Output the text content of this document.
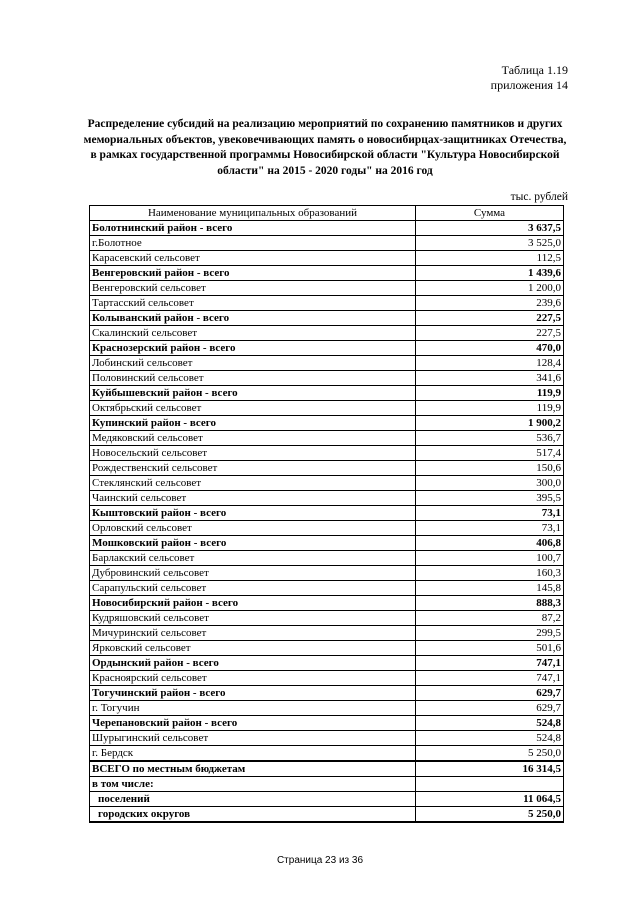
Таблица 1.19
приложения 14
Распределение субсидий на реализацию мероприятий по сохранению памятников и других мемориальных объектов, увековечивающих память о новосибирцах-защитниках Отечества, в рамках государственной программы Новосибирской области "Культура Новосибирской области" на 2015 - 2020 годы" на 2016 год
тыс. рублей
Наименование муниципальных образований	Сумма
Болотнинский район - всего	3 637,5
г.Болотное	3 525,0
Карасевский сельсовет	112,5
Венгеровский район - всего	1 439,6
Венгеровский сельсовет	1 200,0
Тартасский сельсовет	239,6
Колыванский район - всего	227,5
Скалинский сельсовет	227,5
Краснозерский район - всего	470,0
Лобинский сельсовет	128,4
Половинский сельсовет	341,6
Куйбышевский район - всего	119,9
Октябрьский сельсовет	119,9
Купинский район - всего	1 900,2
Медяковский сельсовет	536,7
Новосельский сельсовет	517,4
Рождественский сельсовет	150,6
Стеклянский сельсовет	300,0
Чаинский сельсовет	395,5
Кыштовский район - всего	73,1
Орловский сельсовет	73,1
Мошковский район - всего	406,8
Барлакский сельсовет	100,7
Дубровинский сельсовет	160,3
Сарапульский сельсовет	145,8
Новосибирский район - всего	888,3
Кудряшовский сельсовет	87,2
Мичуринский сельсовет	299,5
Ярковский сельсовет	501,6
Ордынский район - всего	747,1
Красноярский сельсовет	747,1
Тогучинский район - всего	629,7
г. Тогучин	629,7
Черепановский район - всего	524,8
Шурыгинский сельсовет	524,8
г. Бердск	5 250,0
ВСЕГО по местным бюджетам	16 314,5
в том числе:	
поселений	11 064,5
городских округов	5 250,0
Страница 23 из 36
